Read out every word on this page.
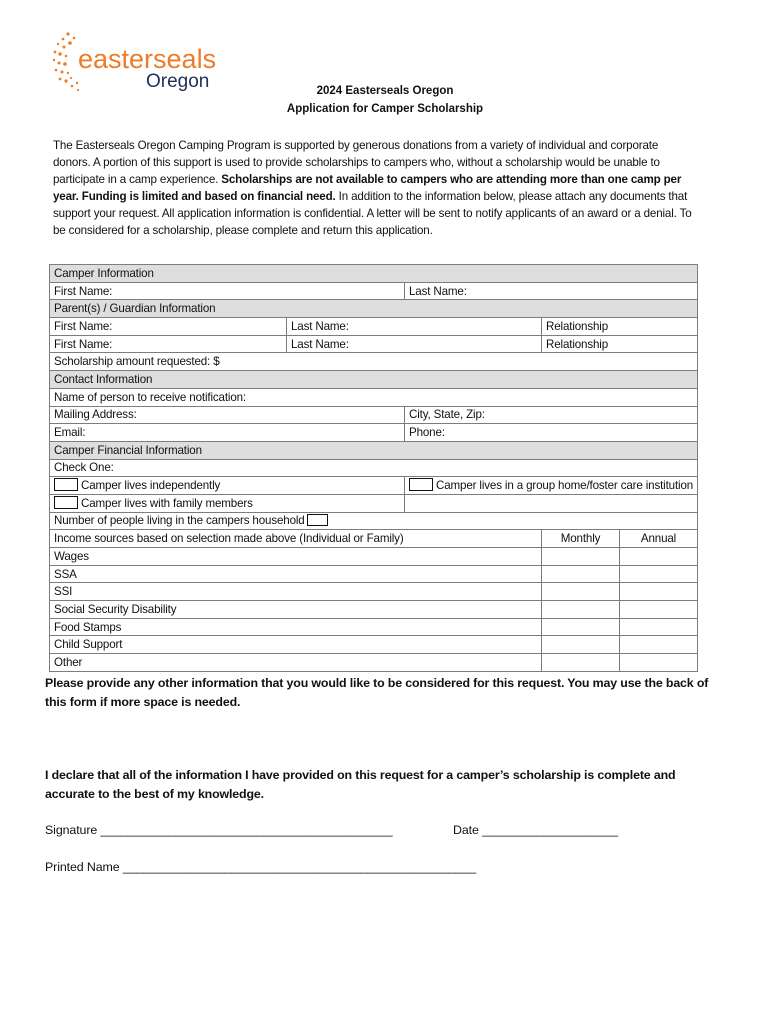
easterseals
Oregon	2024 Easterseals Oregon
Application for Camper Scholarship
The Easterseals Oregon Camping Program is supported by generous donations from a variety of individual and corporate donors. A portion of this support is used to provide scholarships to campers who, without a scholarship would be unable to participate in a camp experience. Scholarships are not available to campers who are attending more than one camp per year. Funding is limited and based on financial need. In addition to the information below, please attach any documents that support your request. All application information is confidential. A letter will be sent to notify applicants of an award or a denial. To be considered for a scholarship, please complete and return this application.
Camper Information				
First Name:		Last Name:		
Parent(s) / Guardian Information				
First Name:	Last Name:		Relationship	
First Name:	Last Name:		Relationship	
Scholarship amount requested: $				
Contact Information				
Name of person to receive notification:				
Mailing Address:		City, State, Zip:		
Email:		Phone:		
Camper Financial Information				
Check One:				
Camper lives independently		Camper lives in a group home/foster care institution		
Camper lives with family members				
Number of people living in the campers household				
Income sources based on selection made above (Individual or Family)			Monthly	Annual
Wages				
SSA				
SSI				
Social Security Disability				
Food Stamps				
Child Support				
Other				
Please provide any other information that you would like to be considered for this request. You may use the back of this form if more space is needed.
I declare that all of the information I have provided on this request for a camper’s scholarship is complete and accurate to the best of my knowledge.
Signature ___________________________________________	Date ____________________
Printed Name ____________________________________________________
